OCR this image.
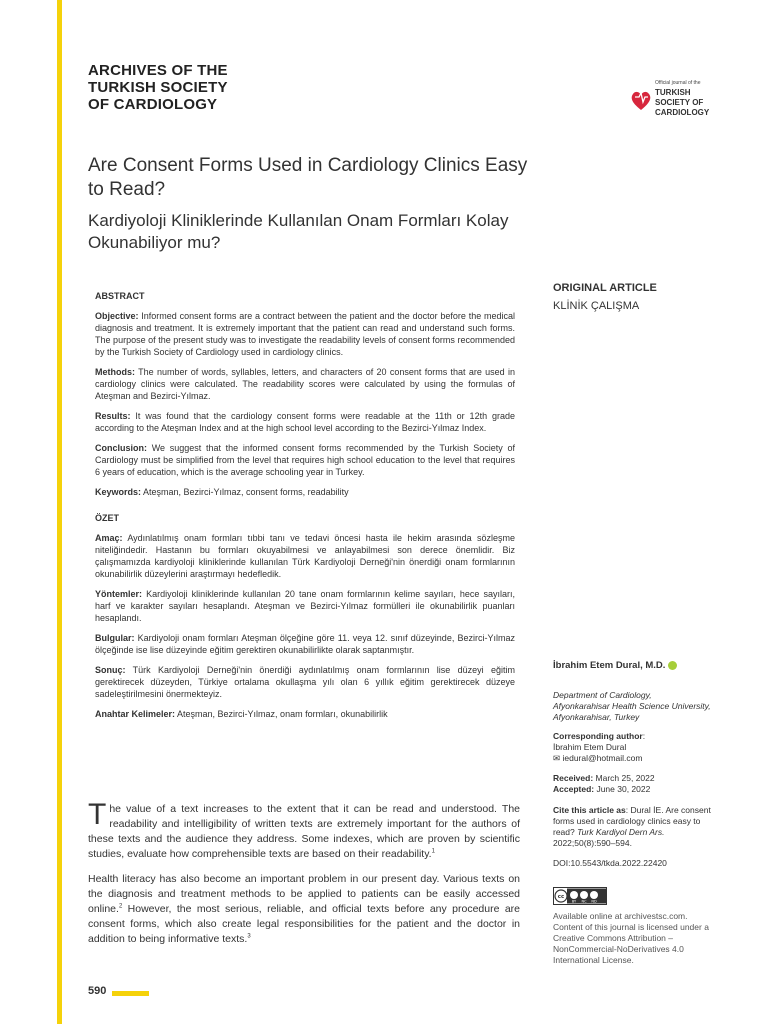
ARCHIVES OF THE
TURKISH SOCIETY
OF CARDIOLOGY
Official journal of the
TURKISH
SOCIETY OF
CARDIOLOGY
Are Consent Forms Used in Cardiology Clinics Easy to Read?
Kardiyoloji Kliniklerinde Kullanılan Onam Formları Kolay Okunabiliyor mu?
ORIGINAL ARTICLE
KLİNİK ÇALIŞMA

ABSTRACT

Objective: Informed consent forms are a contract between the patient and the doctor before the medical diagnosis and treatment. It is extremely important that the patient can read and understand such forms. The purpose of the present study was to investigate the readability levels of consent forms recommended by the Turkish Society of Cardiology used in cardiology clinics.

Methods: The number of words, syllables, letters, and characters of 20 consent forms that are used in cardiology clinics were calculated. The readability scores were calculated by using the formulas of Ateşman and Bezirci-Yılmaz.

Results: It was found that the cardiology consent forms were readable at the 11th or 12th grade according to the Ateşman Index and at the high school level according to the Bezirci-Yılmaz Index.

Conclusion: We suggest that the informed consent forms recommended by the Turkish Society of Cardiology must be simplified from the level that requires high school education to the level that requires 6 years of education, which is the average schooling year in Turkey.

Keywords: Ateşman, Bezirci-Yılmaz, consent forms, readability

ÖZET

Amaç: Aydınlatılmış onam formları tıbbi tanı ve tedavi öncesi hasta ile hekim arasında sözleşme niteliğindedir. Hastanın bu formları okuyabilmesi ve anlayabilmesi son derece önemlidir. Biz çalışmamızda kardiyoloji kliniklerinde kullanılan Türk Kardiyoloji Derneği'nin önerdiği onam formlarının okunabilirlik düzeylerini araştırmayı hedefledik.

Yöntemler: Kardiyoloji kliniklerinde kullanılan 20 tane onam formlarının kelime sayıları, hece sayıları, harf ve karakter sayıları hesaplandı. Ateşman ve Bezirci-Yılmaz formülleri ile okunabilirlik puanları hesaplandı.

Bulgular: Kardiyoloji onam formları Ateşman ölçeğine göre 11. veya 12. sınıf düzeyinde, Bezirci-Yılmaz ölçeğinde ise lise düzeyinde eğitim gerektiren okunabilirlikte olarak saptanmıştır.

Sonuç: Türk Kardiyoloji Derneği'nin önerdiği aydınlatılmış onam formlarının lise düzeyi eğitim gerektirecek düzeyden, Türkiye ortalama okullaşma yılı olan 6 yıllık eğitim gerektirecek düzeye sadeleştirilmesini önermekteyiz.

Anahtar Kelimeler: Ateşman, Bezirci-Yılmaz, onam formları, okunabilirlik

İbrahim Etem Dural, M.D.
Department of Cardiology,
Afyonkarahisar Health Science University,
Afyonkarahisar, Turkey
Corresponding author:
İbrahim Etem Dural
✉ iedural@hotmail.com
Received: March 25, 2022
Accepted: June 30, 2022
Cite this article as: Dural İE. Are consent forms used in cardiology clinics easy to read? Turk Kardiyol Dern Ars. 2022;50(8):590–594.
DOI:10.5543/tkda.2022.22420
cc
BY NC ND
Available online at archivestsc.com.
Content of this journal is licensed under a
Creative Commons Attribution –
NonCommercial-NoDerivatives 4.0
International License.

The value of a text increases to the extent that it can be read and understood. The readability and intelligibility of written texts are extremely important for the authors of these texts and the audience they address. Some indexes, which are proven by scientific studies, evaluate how comprehensible texts are based on their readability.$^1$

Health literacy has also become an important problem in our present day. Various texts on the diagnosis and treatment methods to be applied to patients can be easily accessed online.$^2$ However, the most serious, reliable, and official texts before any procedure are consent forms, which also create legal responsibilities for the patient and the doctor in addition to being informative texts.$^3$

590
